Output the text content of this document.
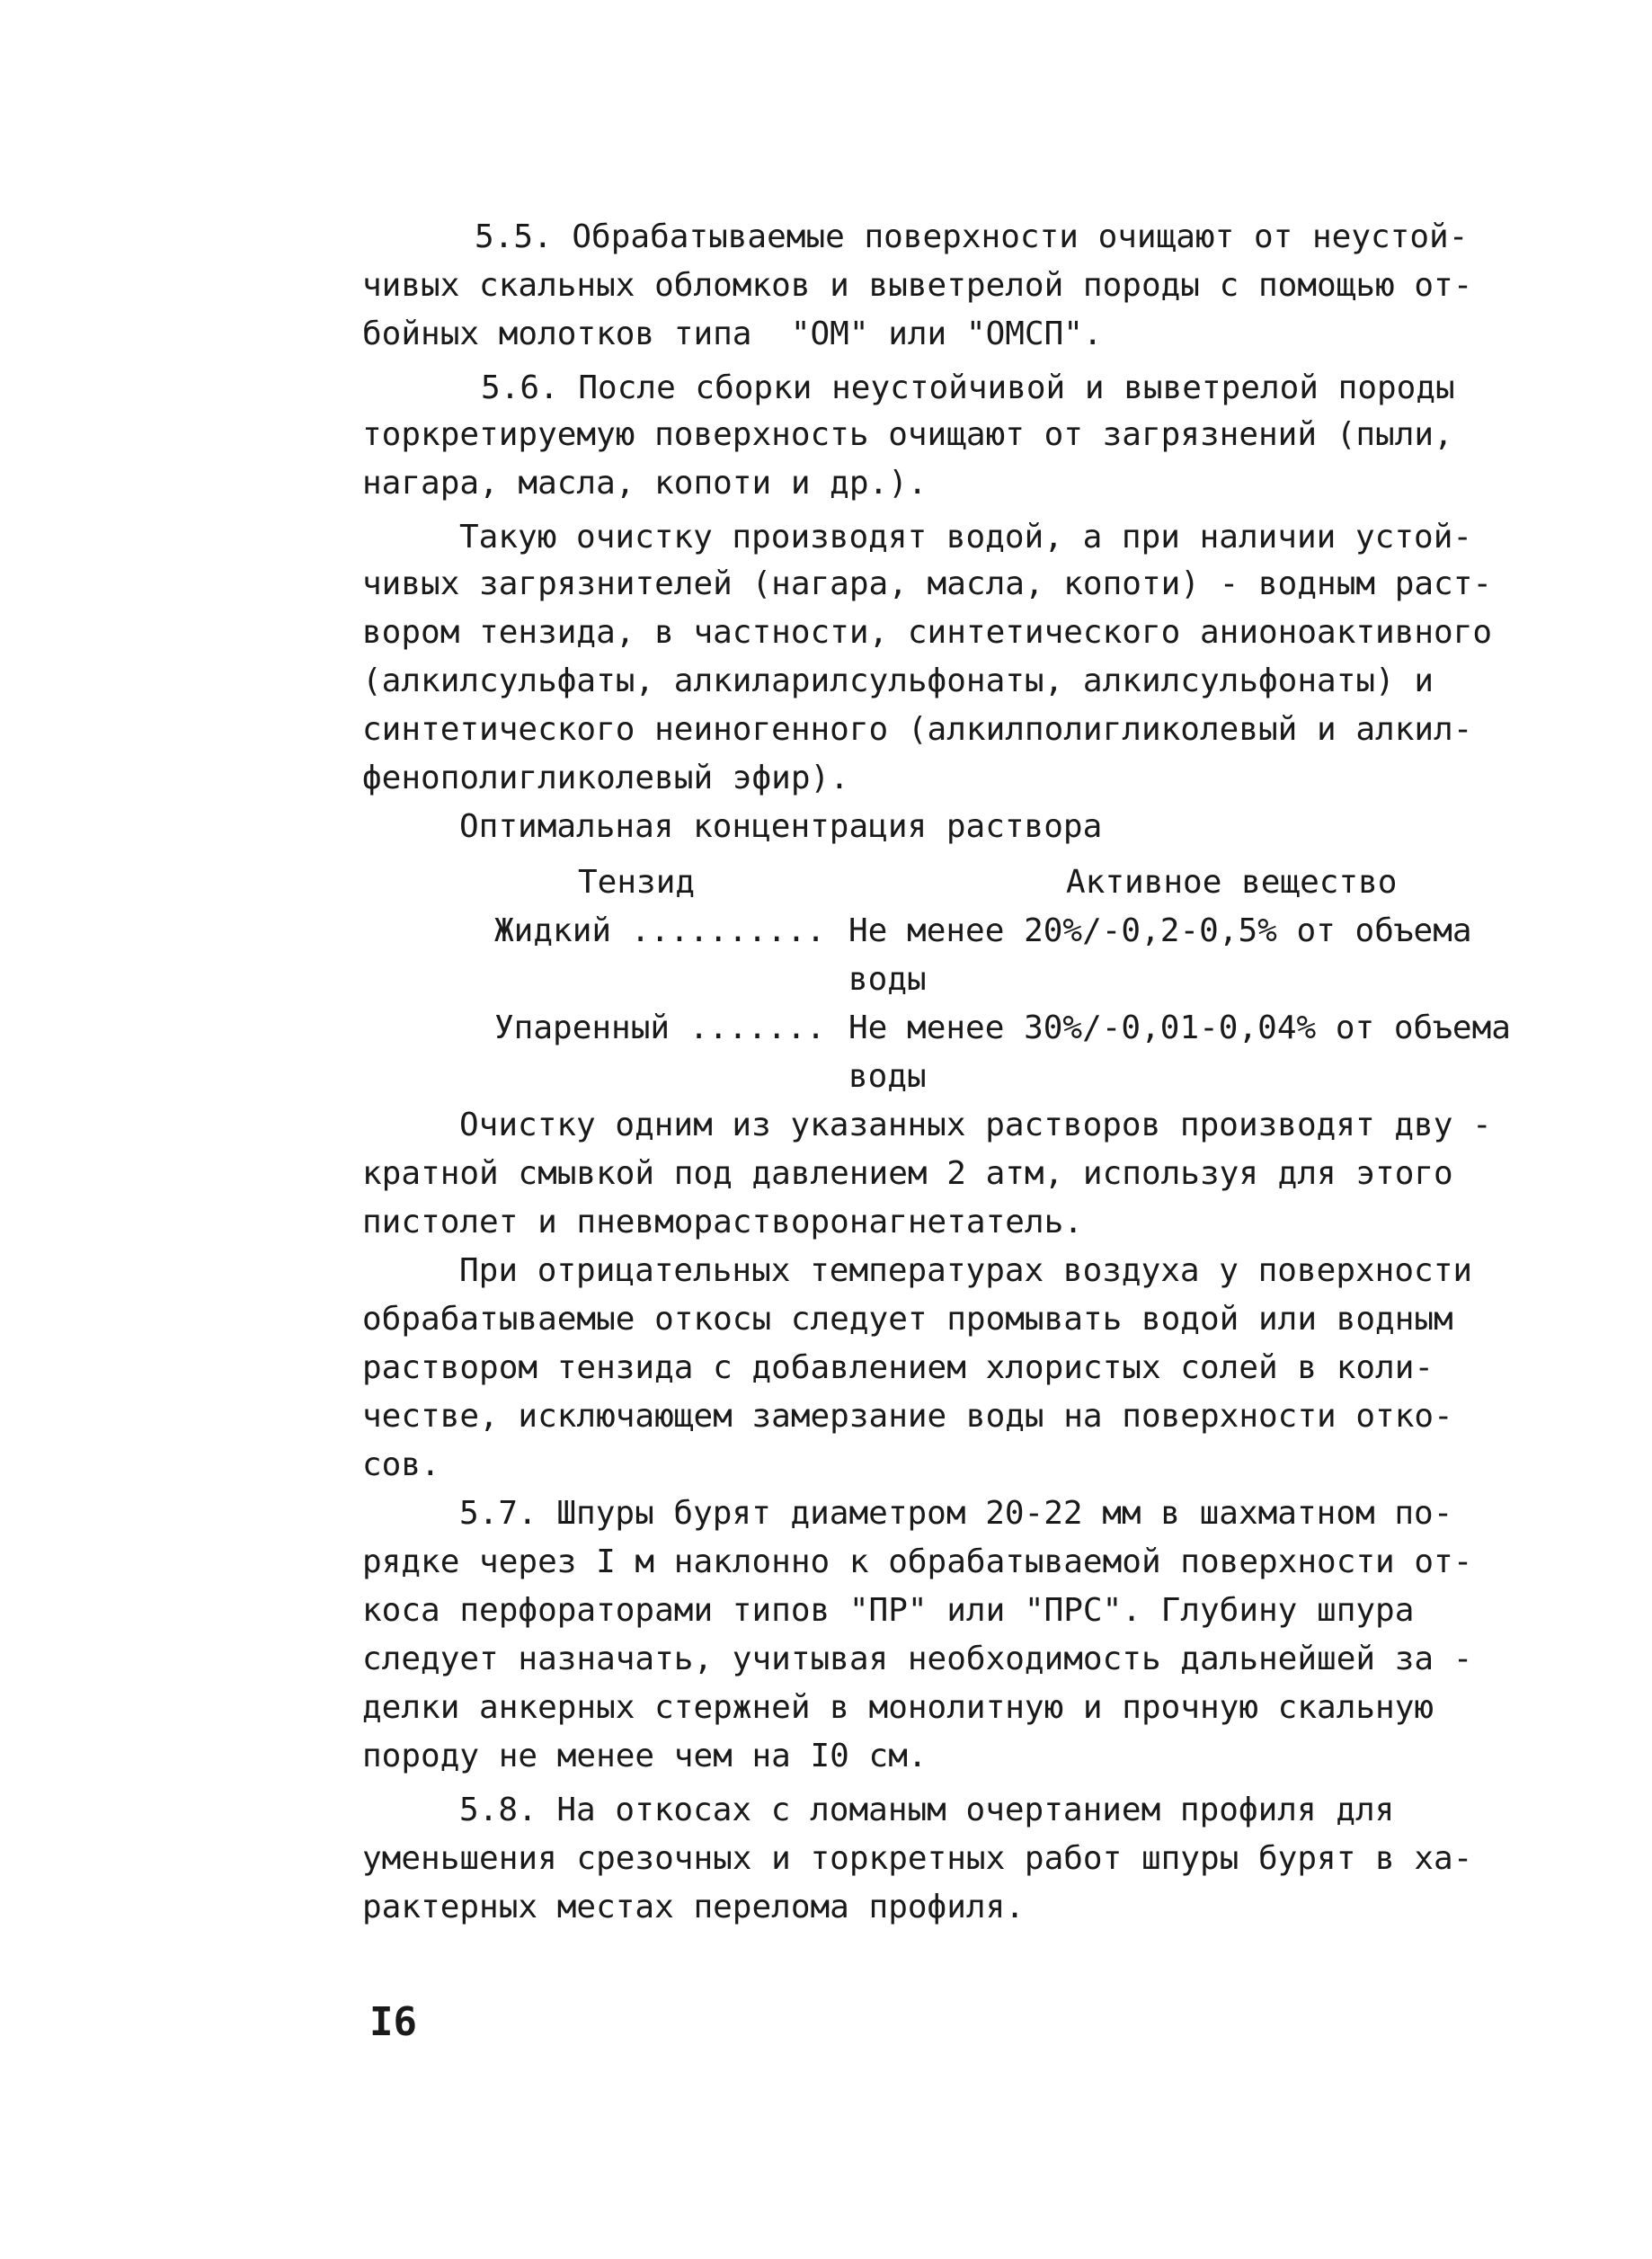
5.5. Обрабатываемые поверхности очищают от неустой-
чивых скальных обломков и выветрелой породы с помощью от-
бойных молотков типа  "ОМ" или "ОМСП".
5.6. После сборки неустойчивой и выветрелой породы
торкретируемую поверхность очищают от загрязнений (пыли,
нагара, масла, копоти и др.).
Такую очистку производят водой, а при наличии устой-
чивых загрязнителей (нагара, масла, копоти) - водным раст-
вором тензида, в частности, синтетического анионоактивного
(алкилсульфаты, алкиларилсульфонаты, алкилсульфонаты) и
синтетического неиногенного (алкилполигликолевый и алкил-
фенополигликолевый эфир).
Оптимальная концентрация раствора
Тензид	Активное вещество
Жидкий .......... Не менее 20%/-0,2-0,5% от объема
воды
Упаренный ....... Не менее 30%/-0,01-0,04% от объема
воды
Очистку одним из указанных растворов производят дву -
кратной смывкой под давлением 2 атм, используя для этого
пистолет и пневморастворонагнетатель.
При отрицательных температурах воздуха у поверхности
обрабатываемые откосы следует промывать водой или водным
раствором тензида с добавлением хлористых солей в коли-
честве, исключающем замерзание воды на поверхности отко-
сов.
5.7. Шпуры бурят диаметром 20-22 мм в шахматном по-
рядке через I м наклонно к обрабатываемой поверхности от-
коса перфораторами типов "ПР" или "ПРС". Глубину шпура
следует назначать, учитывая необходимость дальнейшей за -
делки анкерных стержней в монолитную и прочную скальную
породу не менее чем на I0 см.
5.8. На откосах с ломаным очертанием профиля для
уменьшения срезочных и торкретных работ шпуры бурят в ха-
рактерных местах перелома профиля.
I6
